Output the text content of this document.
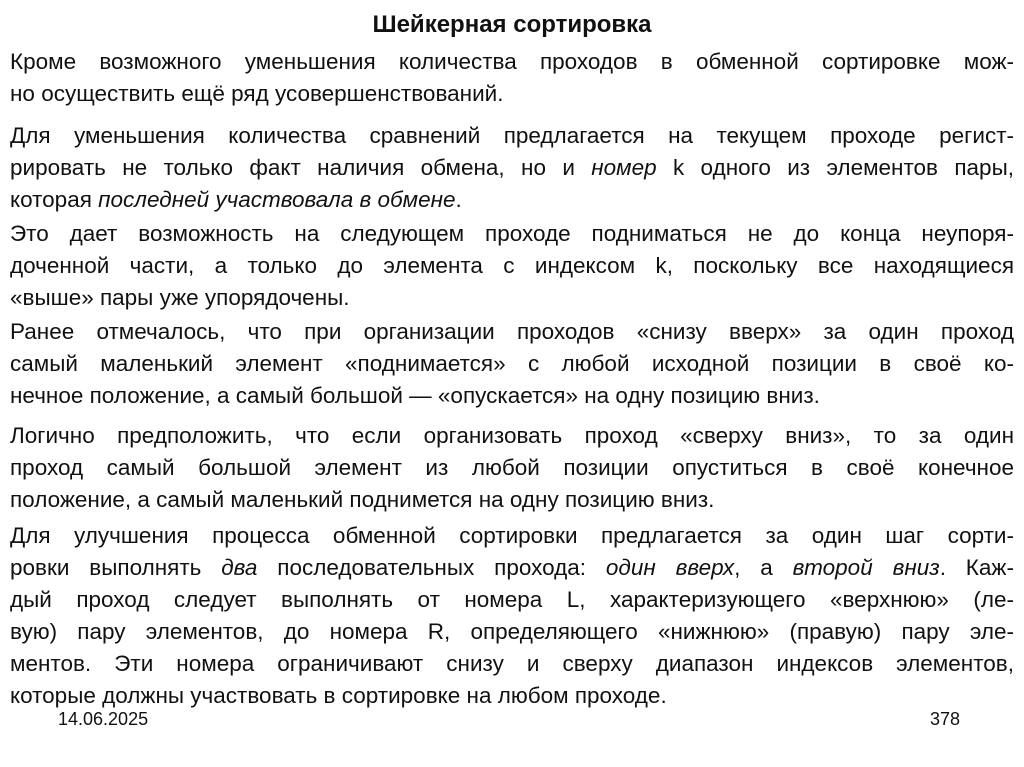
Шейкерная сортировка

Кроме возможного уменьшения количества проходов в обменной сортировке мож-
но осуществить ещё ряд усовершенствований.

Для уменьшения количества сравнений предлагается на текущем проходе регист-
рировать не только факт наличия обмена, но и номер k одного из элементов пары,
которая последней участвовала в обмене.

Это дает возможность на следующем проходе подниматься не до конца неупоря-
доченной части, а только до элемента с индексом k, поскольку все находящиеся
«выше» пары уже упорядочены.

Ранее отмечалось, что при организации проходов «снизу вверх» за один проход
самый маленький элемент «поднимается» с любой исходной позиции в своё ко-
нечное положение, а самый большой — «опускается» на одну позицию вниз.

Логично предположить, что если организовать проход «сверху вниз», то за один
проход самый большой элемент из любой позиции опуститься в своё конечное
положение, а самый маленький поднимется на одну позицию вниз.

Для улучшения процесса обменной сортировки предлагается за один шаг сорти-
ровки выполнять два последовательных прохода: один вверх, а второй вниз. Каж-
дый проход следует выполнять от номера L, характеризующего «верхнюю» (ле-
вую) пару элементов, до номера R, определяющего «нижнюю» (правую) пару эле-
ментов. Эти номера ограничивают снизу и сверху диапазон индексов элементов,
которые должны участвовать в сортировке на любом проходе.

14.06.2025	378
